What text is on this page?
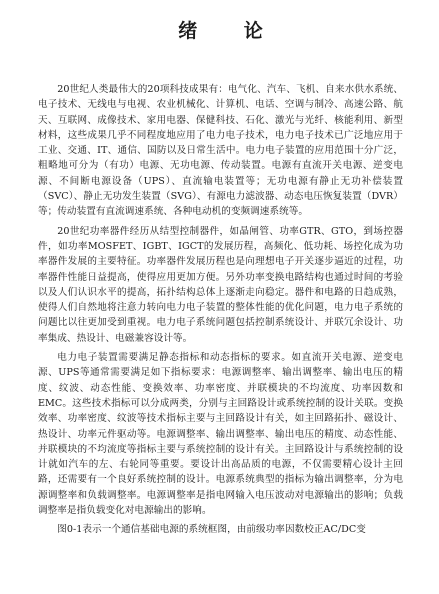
绪 论

20世纪人类最伟大的20项科技成果有：电气化、汽车、飞机、自来水供水系统、电子技术、无线电与电视、农业机械化、计算机、电话、空调与制冷、高速公路、航天、互联网、成像技术、家用电器、保健科技、石化、激光与光纤、核能利用、新型材料，这些成果几乎不同程度地应用了电力电子技术，电力电子技术已广泛地应用于工业、交通、IT、通信、国防以及日常生活中。电力电子装置的应用范围十分广泛，粗略地可分为（有功）电源、无功电源、传动装置。电源有直流开关电源、逆变电源、不间断电源设备（UPS）、直流输电装置等；无功电源有静止无功补偿装置（SVC）、静止无功发生装置（SVG）、有源电力滤波器、动态电压恢复装置（DVR）等；传动装置有直流调速系统、各种电动机的变频调速系统等。

20世纪功率器件经历从结型控制器件，如晶闸管、功率GTR、GTO，到场控器件，如功率MOSFET、IGBT、IGCT的发展历程，高频化、低功耗、场控化成为功率器件发展的主要特征。功率器件发展历程也是向理想电子开关逐步逼近的过程，功率器件性能日益提高，使得应用更加方便。另外功率变换电路结构也通过时间的考验以及人们认识水平的提高，拓扑结构总体上逐渐走向稳定。器件和电路的日趋成熟，使得人们自然地将注意力转向电力电子装置的整体性能的优化问题，电力电子系统的问题比以往更加受到重视。电力电子系统问题包括控制系统设计、并联冗余设计、功率集成、热设计、电磁兼容设计等。

电力电子装置需要满足静态指标和动态指标的要求。如直流开关电源、逆变电源、UPS等通常需要满足如下指标要求：电源调整率、输出调整率、输出电压的精度、纹波、动态性能、变换效率、功率密度、并联模块的不均流度、功率因数和EMC。这些技术指标可以分成两类，分别与主回路设计或系统控制的设计关联。变换效率、功率密度、纹波等技术指标主要与主回路设计有关，如主回路拓扑、磁设计、热设计、功率元件驱动等。电源调整率、输出调整率、输出电压的精度、动态性能、并联模块的不均流度等指标主要与系统控制的设计有关。主回路设计与系统控制的设计就如汽车的左、右轮同等重要。要设计出高品质的电源，不仅需要精心设计主回路，还需要有一个良好系统控制的设计。电源系统典型的指标为输出调整率，分为电源调整率和负载调整率。电源调整率是指电网输入电压波动对电源输出的影响；负载调整率是指负载变化对电源输出的影响。

图0-1表示一个通信基础电源的系统框图，由前级功率因数校正AC/DC变
